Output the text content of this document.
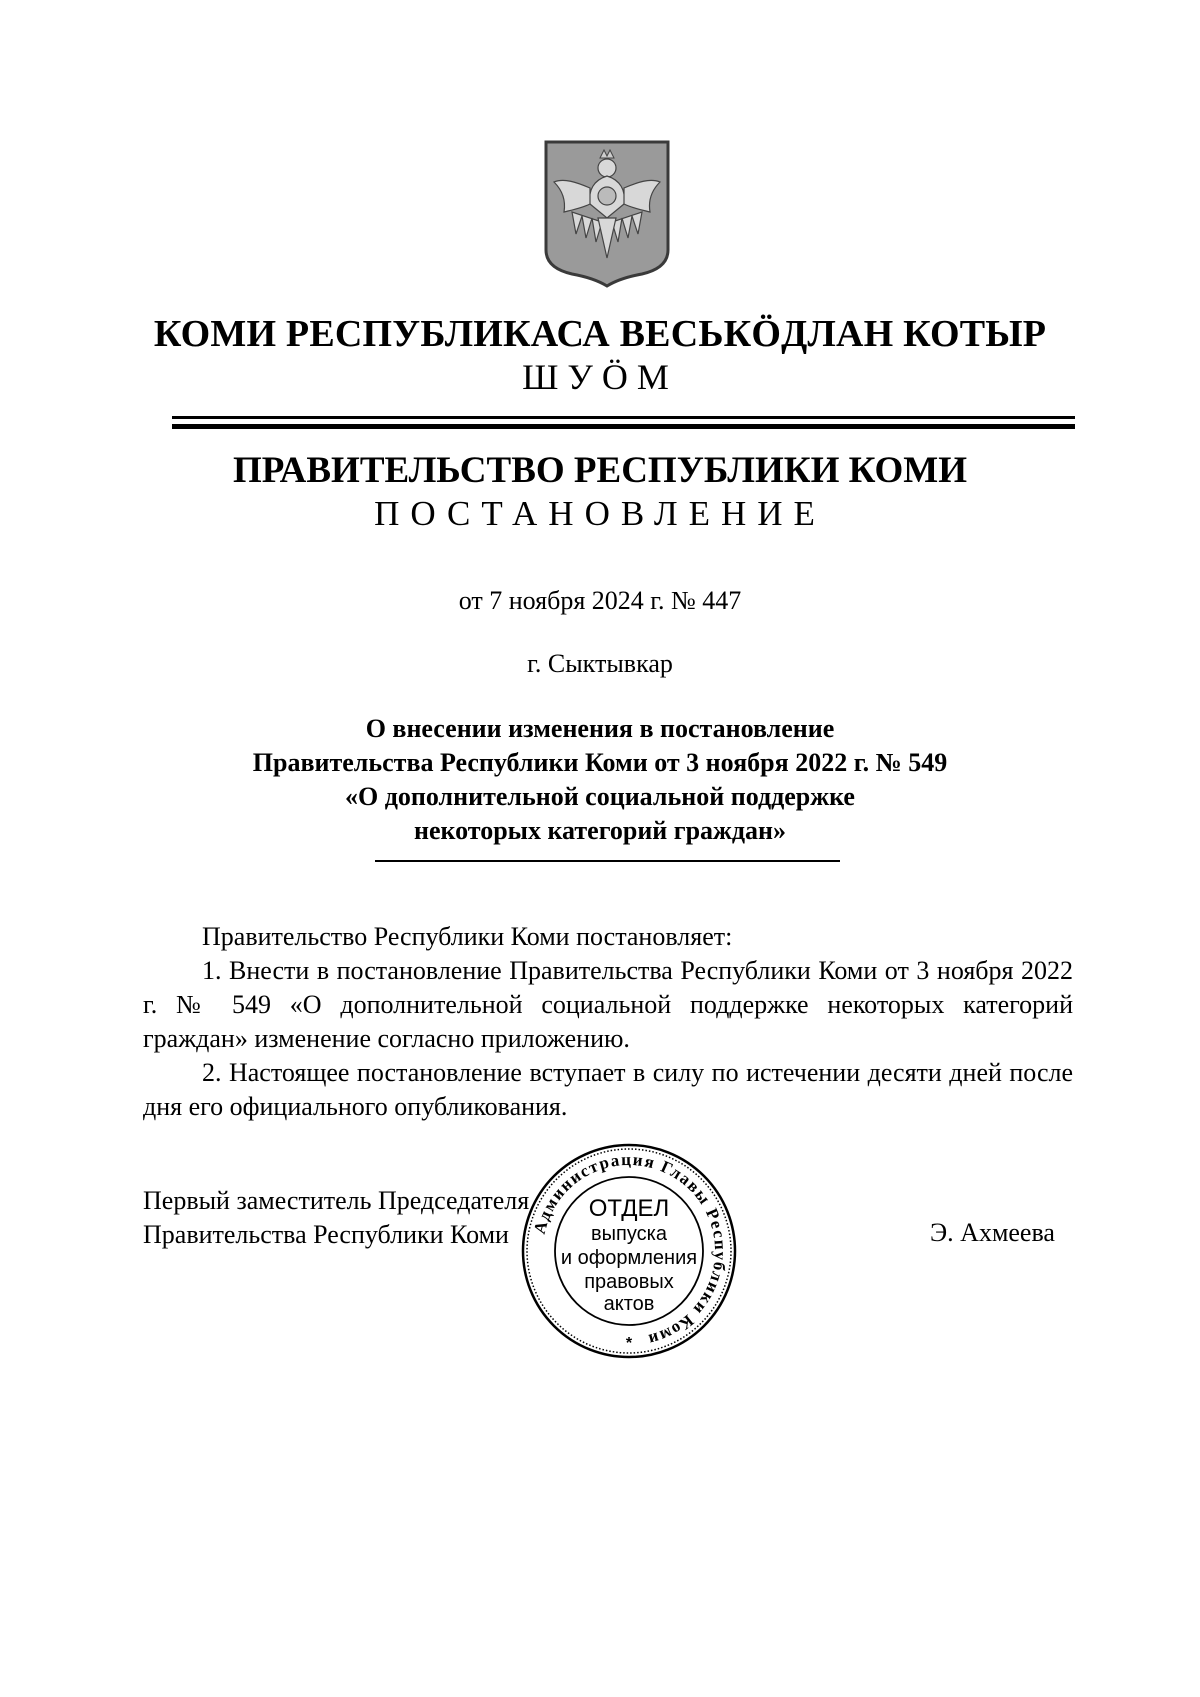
КОМИ РЕСПУБЛИКАСА ВЕСЬКӦДЛАН КОТЫР
ШУӦМ
ПРАВИТЕЛЬСТВО РЕСПУБЛИКИ КОМИ
ПОСТАНОВЛЕНИЕ
от 7 ноября 2024 г. № 447
г. Сыктывкар
О внесении изменения в постановление
Правительства Республики Коми от 3 ноября 2022 г. № 549
«О дополнительной социальной поддержке
некоторых категорий граждан»

Правительство Республики Коми постановляет:

1. Внести в постановление Правительства Республики Коми от 3 ноября 2022 г. № 549 «О дополнительной социальной поддержке некоторых категорий граждан» изменение согласно приложению.

2. Настоящее постановление вступает в силу по истечении десяти дней после дня его официального опубликования.

Первый заместитель Председателя
Правительства Республики Коми	Э. Ахмеева
Администрация Главы Республики Коми
ОТДЕЛ
выпуска
и оформления
правовых
актов
*
